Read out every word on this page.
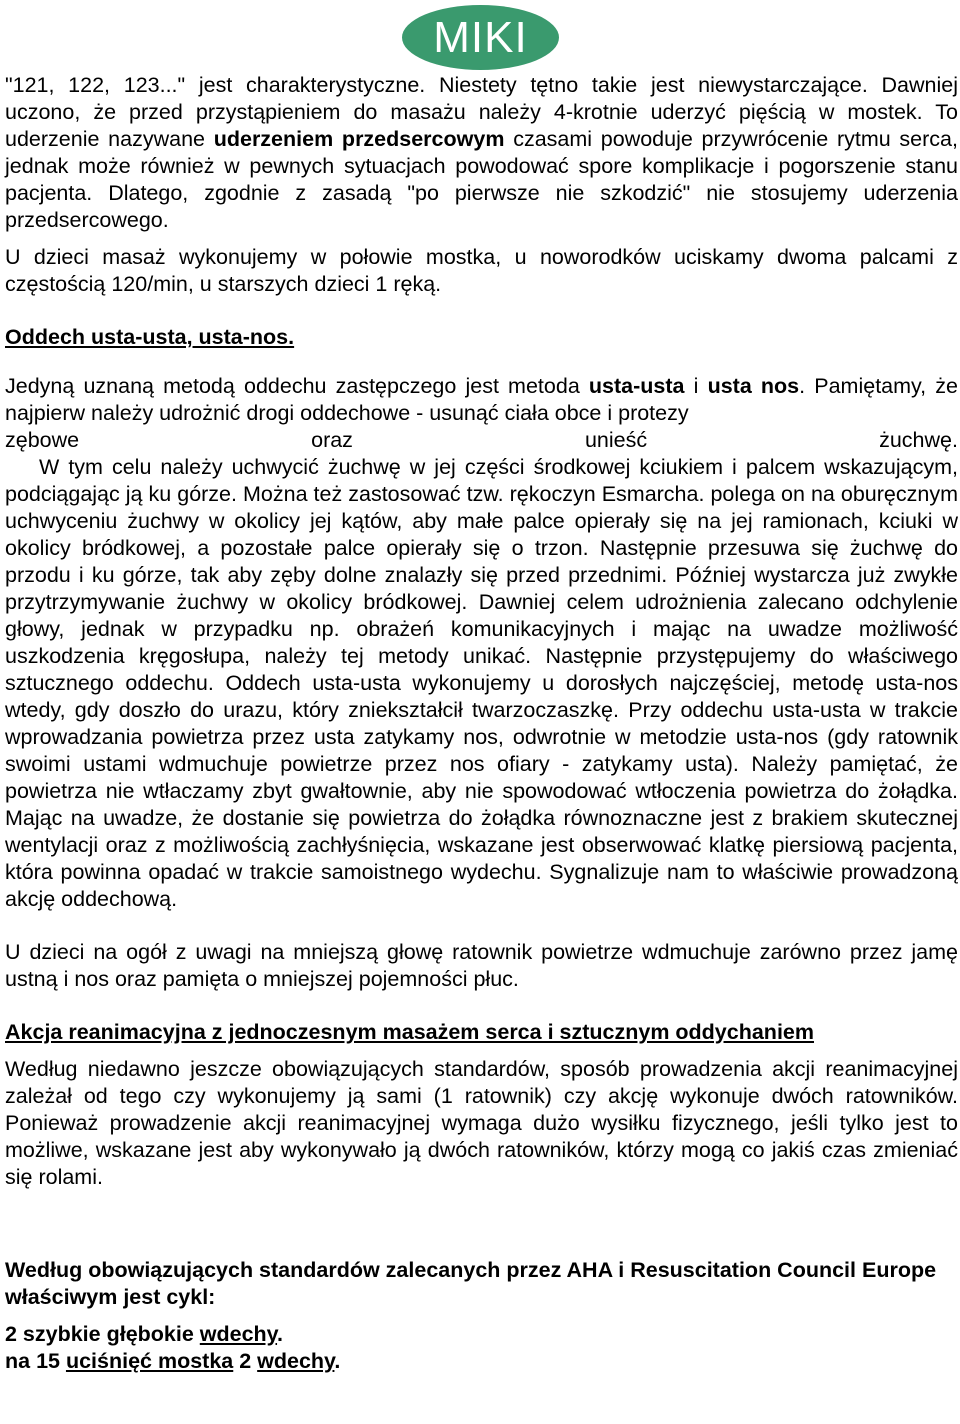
MIKI

"121, 122, 123..." jest charakterystyczne. Niestety tętno takie jest niewystarczające. Dawniej uczono, że przed przystąpieniem do masażu należy 4-krotnie uderzyć pięścią w mostek. To uderzenie nazywane uderzeniem przedsercowym czasami powoduje przywrócenie rytmu serca, jednak może również w pewnych sytuacjach powodować spore komplikacje i pogorszenie stanu pacjenta. Dlatego, zgodnie z zasadą "po pierwsze nie szkodzić" nie stosujemy uderzenia przedsercowego.

U dzieci masaż wykonujemy w połowie mostka, u noworodków uciskamy dwoma palcami z częstością 120/min, u starszych dzieci 1 ręką.

Oddech usta-usta, usta-nos.

Jedyną uznaną metodą oddechu zastępczego jest metoda usta-usta i usta nos. Pamiętamy, że najpierw należy udrożnić drogi oddechowe - usunąć ciała obce i protezy

zębowe	oraz	unieść	żuchwę.

W tym celu należy uchwycić żuchwę w jej części środkowej kciukiem i palcem wskazującym, podciągając ją ku górze. Można też zastosować tzw. rękoczyn Esmarcha. polega on na oburęcznym uchwyceniu żuchwy w okolicy jej kątów, aby małe palce opierały się na jej ramionach, kciuki w okolicy bródkowej, a pozostałe palce opierały się o trzon. Następnie przesuwa się żuchwę do przodu i ku górze, tak aby zęby dolne znalazły się przed przednimi. Później wystarcza już zwykłe przytrzymywanie żuchwy w okolicy bródkowej. Dawniej celem udrożnienia zalecano odchylenie głowy, jednak w przypadku np. obrażeń komunikacyjnych i mając na uwadze możliwość uszkodzenia kręgosłupa, należy tej metody unikać. Następnie przystępujemy do właściwego sztucznego oddechu. Oddech usta-usta wykonujemy u dorosłych najczęściej, metodę usta-nos wtedy, gdy doszło do urazu, który zniekształcił twarzoczaszkę. Przy oddechu usta-usta w trakcie wprowadzania powietrza przez usta zatykamy nos, odwrotnie w metodzie usta-nos (gdy ratownik swoimi ustami wdmuchuje powietrze przez nos ofiary - zatykamy usta). Należy pamiętać, że powietrza nie wtłaczamy zbyt gwałtownie, aby nie spowodować wtłoczenia powietrza do żołądka. Mając na uwadze, że dostanie się powietrza do żołądka równoznaczne jest z brakiem skutecznej wentylacji oraz z możliwością zachłyśnięcia, wskazane jest obserwować klatkę piersiową pacjenta, która powinna opadać w trakcie samoistnego wydechu. Sygnalizuje nam to właściwie prowadzoną akcję oddechową.

U dzieci na ogół z uwagi na mniejszą głowę ratownik powietrze wdmuchuje zarówno przez jamę ustną i nos oraz pamięta o mniejszej pojemności płuc.

Akcja reanimacyjna z jednoczesnym masażem serca i sztucznym oddychaniem

Według niedawno jeszcze obowiązujących standardów, sposób prowadzenia akcji reanimacyjnej zależał od tego czy wykonujemy ją sami (1 ratownik) czy akcję wykonuje dwóch ratowników. Ponieważ prowadzenie akcji reanimacyjnej wymaga dużo wysiłku fizycznego, jeśli tylko jest to możliwe, wskazane jest aby wykonywało ją dwóch ratowników, którzy mogą co jakiś czas zmieniać się rolami.

Według obowiązujących standardów zalecanych przez AHA i Resuscitation Council Europe właściwym jest cykl:

2 szybkie głębokie wdechy.

na 15 uciśnięć mostka 2 wdechy.
